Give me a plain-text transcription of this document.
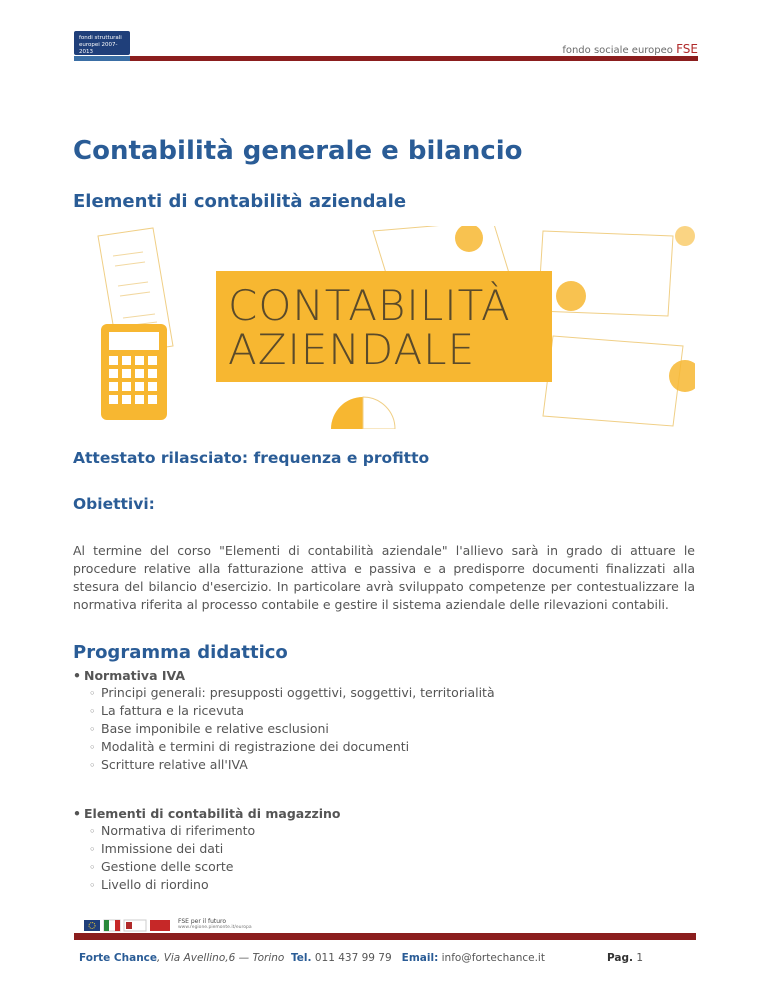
fondi strutturali
europei 2007-2013	fondo sociale europeo FSE
Contabilità generale e bilancio
Elementi di contabilità aziendale
CONTABILITÀ
AZIENDALE
Attestato rilasciato: frequenza e profitto
Obiettivi:

Al termine del corso "Elementi di contabilità aziendale" l'allievo sarà in grado di attuare le procedure relative alla fatturazione attiva e passiva e a predisporre documenti finalizzati alla stesura del bilancio d'esercizio. In particolare avrà sviluppato competenze per contestualizzare la normativa riferita al processo contabile e gestire il sistema aziendale delle rilevazioni contabili.

Programma didattico
• Normativa IVA
◦ Principi generali: presupposti oggettivi, soggettivi, territorialità
◦ La fattura e la ricevuta
◦ Base imponibile e relative esclusioni
◦ Modalità e termini di registrazione dei documenti
◦ Scritture relative all'IVA
• Elementi di contabilità di magazzino
◦ Normativa di riferimento
◦ Immissione dei dati
◦ Gestione delle scorte
◦ Livello di riordino
FSE per il futuro
www.regione.piemonte.it/europa
Forte Chance, Via Avellino,6 — Torino Tel. 011 437 99 79 Email: info@fortechance.it	Pag. 1
